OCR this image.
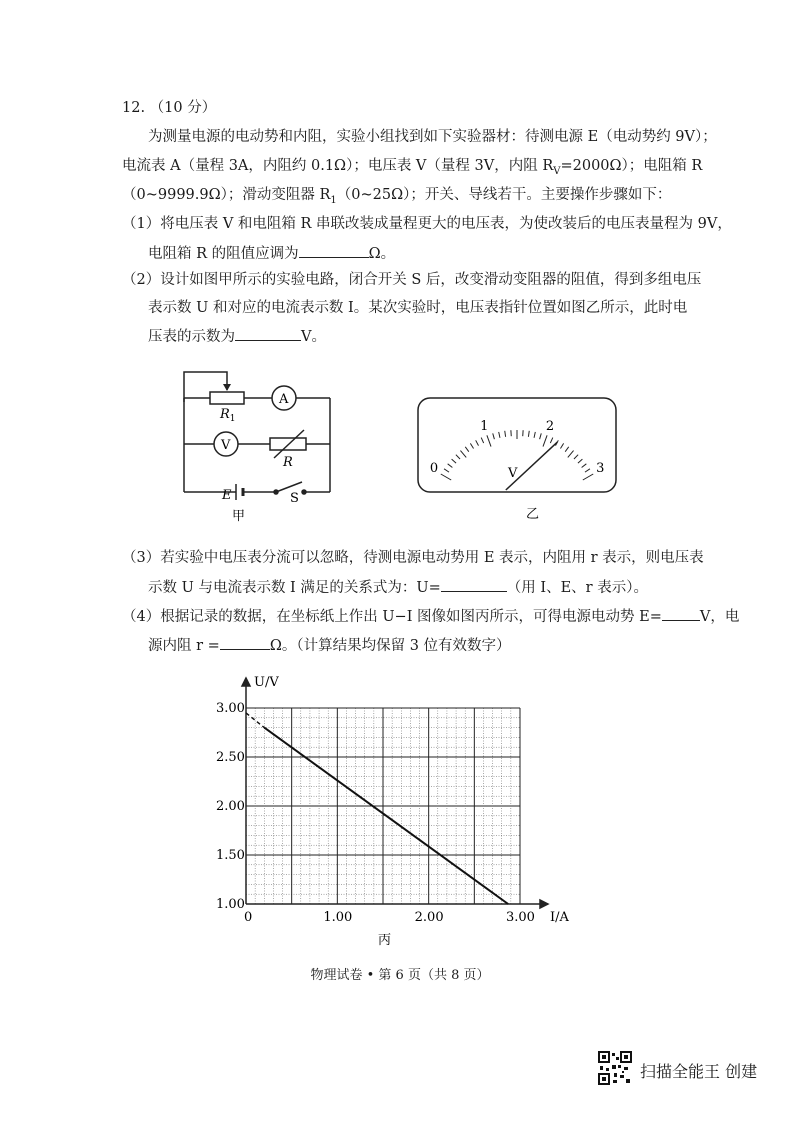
12. （10 分）
为测量电源的电动势和内阻，实验小组找到如下实验器材：待测电源 E（电动势约 9V）；
电流表 A（量程 3A，内阻约 0.1Ω）；电压表 V（量程 3V，内阻 $R_V=2000\Omega$）；电阻箱 R
（0~9999.9Ω）；滑动变阻器 $R_1(0\sim 25\Omega)$；开关、导线若干。主要操作步骤如下：
（1）将电压表 V 和电阻箱 R 串联改装成量程更大的电压表，为使改装后的电压表量程为 9V，
电阻箱 R 的阻值应调为	Ω。
（2）设计如图甲所示的实验电路，闭合开关 S 后，改变滑动变阻器的阻值，得到多组电压
表示数 U 和对应的电流表示数 I。某次实验时，电压表指针位置如图乙所示，此时电
压表的示数为	V。
$R_1$
A
V
R
E	S
甲
0
1	2
3
V
乙
（3）若实验中电压表分流可以忽略，待测电源电动势用 E 表示，内阻用 r 表示，则电压表
示数 U 与电流表示数 I 满足的关系式为：U=	（用 I、E、r 表示）。
（4）根据记录的数据，在坐标纸上作出 U−I 图像如图丙所示，可得电源电动势 E=	V，电
源内阻 r =	Ω。（计算结果均保留 3 位有效数字）
0	1.00	2.00	3.00
1.00
1.50
2.00
2.50
3.00
U/V
I/A
丙
物理试卷 • 第 6 页（共 8 页）
扫描全能王 创建
